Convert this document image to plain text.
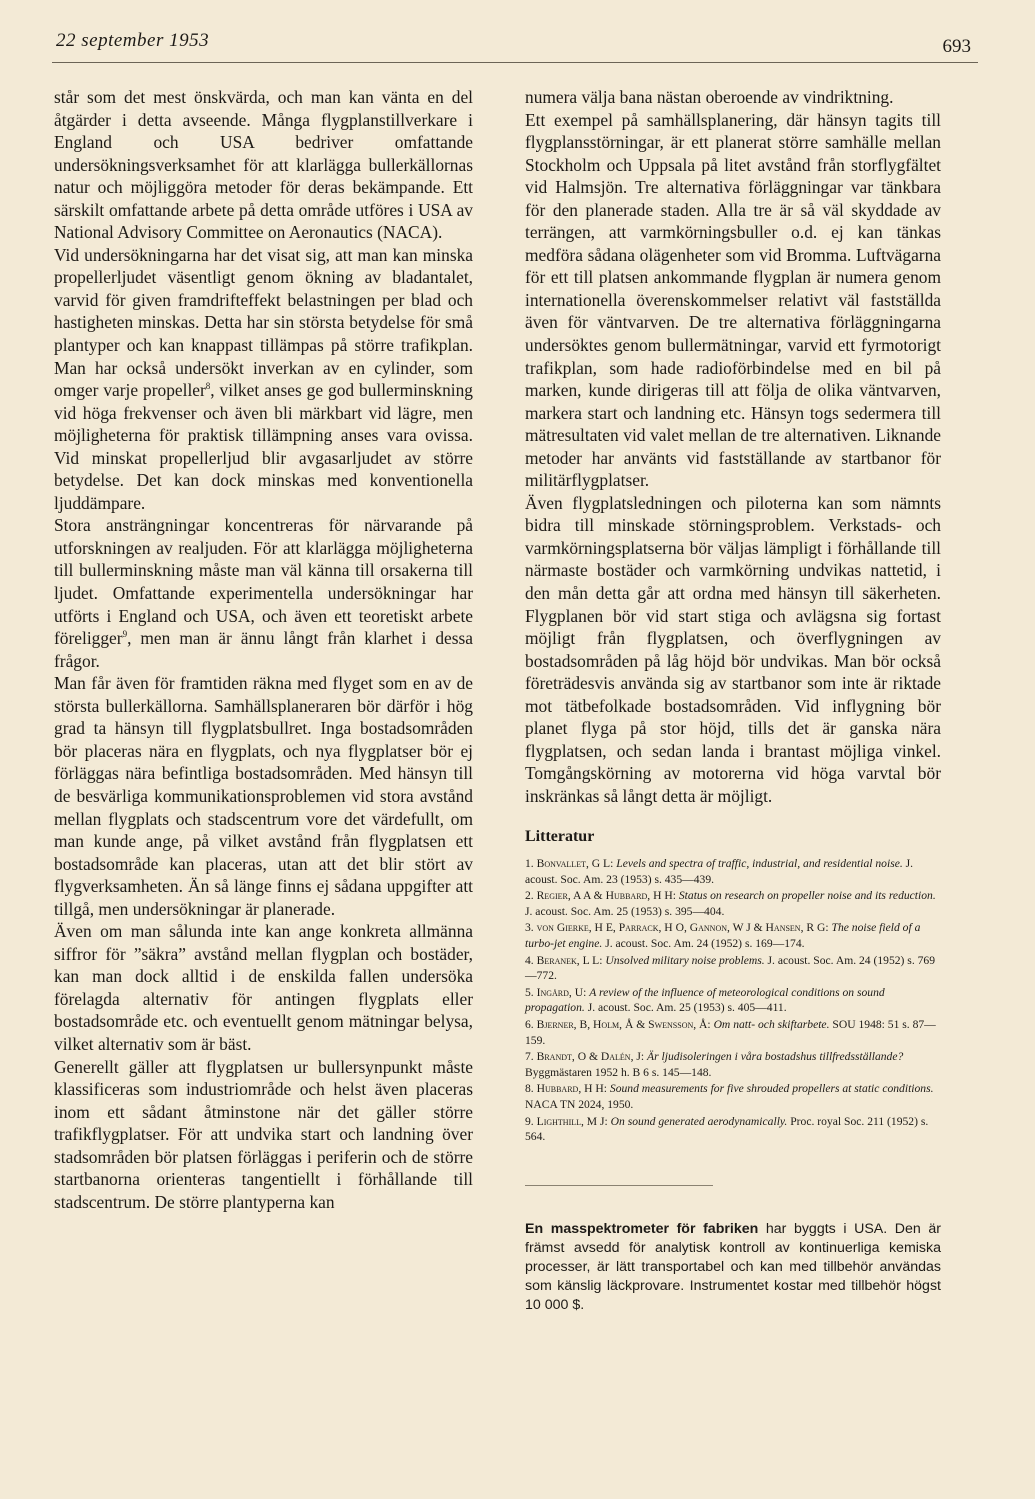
22 september 1953	693

står som det mest önskvärda, och man kan vänta en del åtgärder i detta avseende. Många flygplanstillverkare i England och USA bedriver omfattande undersökningsverksamhet för att klarlägga bullerkällornas natur och möjliggöra metoder för deras bekämpande. Ett särskilt omfattande arbete på detta område utföres i USA av National Advisory Committee on Aeronautics (NACA).

Vid undersökningarna har det visat sig, att man kan minska propellerljudet väsentligt genom ökning av bladantalet, varvid för given framdrifteffekt belastningen per blad och hastigheten minskas. Detta har sin största betydelse för små plantyper och kan knappast tillämpas på större trafikplan. Man har också undersökt inverkan av en cylinder, som omger varje propeller$^8$, vilket anses ge god bullerminskning vid höga frekvenser och även bli märkbart vid lägre, men möjligheterna för praktisk tillämpning anses vara ovissa. Vid minskat propellerljud blir avgasarljudet av större betydelse. Det kan dock minskas med konventionella ljuddämpare.

Stora ansträngningar koncentreras för närvarande på utforskningen av realjuden. För att klarlägga möjligheterna till bullerminskning måste man väl känna till orsakerna till ljudet. Omfattande experimentella undersökningar har utförts i England och USA, och även ett teoretiskt arbete föreligger$^9$, men man är ännu långt från klarhet i dessa frågor.

Man får även för framtiden räkna med flyget som en av de största bullerkällorna. Samhällsplaneraren bör därför i hög grad ta hänsyn till flygplatsbullret. Inga bostadsområden bör placeras nära en flygplats, och nya flygplatser bör ej förläggas nära befintliga bostadsområden. Med hänsyn till de besvärliga kommunikationsproblemen vid stora avstånd mellan flygplats och stadscentrum vore det värdefullt, om man kunde ange, på vilket avstånd från flygplatsen ett bostadsområde kan placeras, utan att det blir stört av flygverksamheten. Än så länge finns ej sådana uppgifter att tillgå, men undersökningar är planerade.

Även om man sålunda inte kan ange konkreta allmänna siffror för ”säkra” avstånd mellan flygplan och bostäder, kan man dock alltid i de enskilda fallen undersöka förelagda alternativ för antingen flygplats eller bostadsområde etc. och eventuellt genom mätningar belysa, vilket alternativ som är bäst.

Generellt gäller att flygplatsen ur bullersynpunkt måste klassificeras som industriområde och helst även placeras inom ett sådant åtminstone när det gäller större trafikflygplatser. För att undvika start och landning över stadsområden bör platsen förläggas i periferin och de större startbanorna orienteras tangentiellt i förhållande till stadscentrum. De större plantyperna kan

numera välja bana nästan oberoende av vindriktning.

Ett exempel på samhällsplanering, där hänsyn tagits till flygplansstörningar, är ett planerat större samhälle mellan Stockholm och Uppsala på litet avstånd från storflygfältet vid Halmsjön. Tre alternativa förläggningar var tänkbara för den planerade staden. Alla tre är så väl skyddade av terrängen, att varmkörningsbuller o.d. ej kan tänkas medföra sådana olägenheter som vid Bromma. Luftvägarna för ett till platsen ankommande flygplan är numera genom internationella överenskommelser relativt väl fastställda även för väntvarven. De tre alternativa förläggningarna undersöktes genom bullermätningar, varvid ett fyrmotorigt trafikplan, som hade radioförbindelse med en bil på marken, kunde dirigeras till att följa de olika väntvarven, markera start och landning etc. Hänsyn togs sedermera till mätresultaten vid valet mellan de tre alternativen. Liknande metoder har använts vid fastställande av startbanor för militärflygplatser.

Även flygplatsledningen och piloterna kan som nämnts bidra till minskade störningsproblem. Verkstads- och varmkörningsplatserna bör väljas lämpligt i förhållande till närmaste bostäder och varmkörning undvikas nattetid, i den mån detta går att ordna med hänsyn till säkerheten. Flygplanen bör vid start stiga och avlägsna sig fortast möjligt från flygplatsen, och överflygningen av bostadsområden på låg höjd bör undvikas. Man bör också företrädesvis använda sig av startbanor som inte är riktade mot tätbefolkade bostadsområden. Vid inflygning bör planet flyga på stor höjd, tills det är ganska nära flygplatsen, och sedan landa i brantast möjliga vinkel. Tomgångskörning av motorerna vid höga varvtal bör inskränkas så långt detta är möjligt.

Litteratur
1. Bonvallet, G L: Levels and spectra of traffic, industrial, and residential noise. J. acoust. Soc. Am. 23 (1953) s. 435—439.
2. Regier, A A & Hubbard, H H: Status on research on propeller noise and its reduction. J. acoust. Soc. Am. 25 (1953) s. 395—404.
3. von Gierke, H E, Parrack, H O, Gannon, W J & Hansen, R G: The noise field of a turbo-jet engine. J. acoust. Soc. Am. 24 (1952) s. 169—174.
4. Beranek, L L: Unsolved military noise problems. J. acoust. Soc. Am. 24 (1952) s. 769—772.
5. Ingård, U: A review of the influence of meteorological conditions on sound propagation. J. acoust. Soc. Am. 25 (1953) s. 405—411.
6. Bjerner, B, Holm, Å & Swensson, Å: Om natt- och skiftarbete. SOU 1948: 51 s. 87—159.
7. Brandt, O & Dalén, J: Är ljudisoleringen i våra bostadshus tillfredsställande? Byggmästaren 1952 h. B 6 s. 145—148.
8. Hubbard, H H: Sound measurements for five shrouded propellers at static conditions. NACA TN 2024, 1950.
9. Lighthill, M J: On sound generated aerodynamically. Proc. royal Soc. 211 (1952) s. 564.
En masspektrometer för fabriken har byggts i USA. Den är främst avsedd för analytisk kontroll av kontinuerliga kemiska processer, är lätt transportabel och kan med tillbehör användas som känslig läckprovare. Instrumentet kostar med tillbehör högst 10 000 $.
